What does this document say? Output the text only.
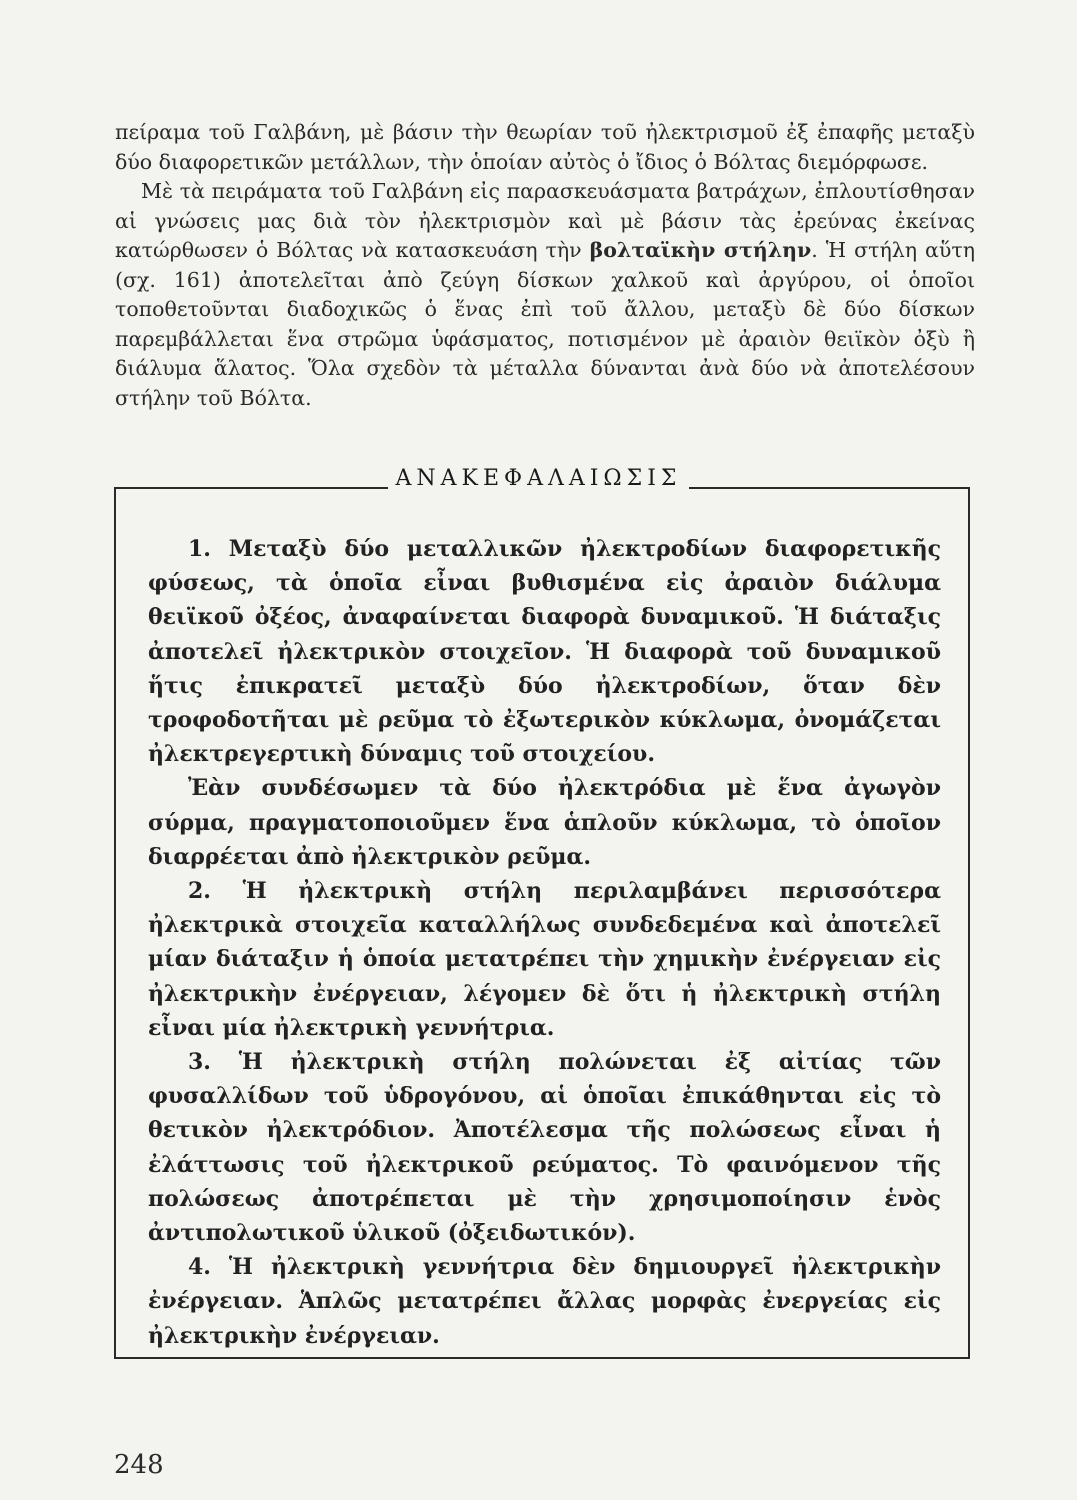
πείραμα τοῦ Γαλβάνη, μὲ βάσιν τὴν θεωρίαν τοῦ ἠλεκτρισμοῦ ἐξ ἐπαφῆς μεταξὺ δύο διαφορετικῶν μετάλλων, τὴν ὁποίαν αὐτὸς ὁ ἴδιος ὁ Βόλτας διεμόρφωσε.

Μὲ τὰ πειράματα τοῦ Γαλβάνη εἰς παρασκευάσματα βατράχων, ἐπλουτίσθησαν αἱ γνώσεις μας διὰ τὸν ἠλεκτρισμὸν καὶ μὲ βάσιν τὰς ἐρεύνας ἐκείνας κατώρθωσεν ὁ Βόλτας νὰ κατασκευάση τὴν βολταϊκὴν στήλην. Ἡ στήλη αὕτη (σχ. 161) ἀποτελεῖται ἀπὸ ζεύγη δίσκων χαλκοῦ καὶ ἀργύρου, οἱ ὁποῖοι τοποθετοῦνται διαδοχικῶς ὁ ἕνας ἐπὶ τοῦ ἄλλου, μεταξὺ δὲ δύο δίσκων παρεμβάλλεται ἕνα στρῶμα ὑφάσματος, ποτισμένον μὲ ἀραιὸν θειϊκὸν ὀξὺ ἢ διάλυμα ἅλατος. Ὅλα σχεδὸν τὰ μέταλλα δύνανται ἀνὰ δύο νὰ ἀποτελέσουν στήλην τοῦ Βόλτα.

ΑΝΑΚΕΦΑΛΑΙΩΣΙΣ

1. Μεταξὺ δύο μεταλλικῶν ἠλεκτροδίων διαφορετικῆς φύσεως, τὰ ὁποῖα εἶναι βυθισμένα εἰς ἀραιὸν διάλυμα θειϊκοῦ ὀξέος, ἀναφαίνεται διαφορὰ δυναμικοῦ. Ἡ διάταξις ἀποτελεῖ ἠλεκτρικὸν στοιχεῖον. Ἡ διαφορὰ τοῦ δυναμικοῦ ἥτις ἐπικρατεῖ μεταξὺ δύο ἠλεκτροδίων, ὅταν δὲν τροφοδοτῆται μὲ ρεῦμα τὸ ἐξωτερικὸν κύκλωμα, ὀνομάζεται ἠλεκτρεγερτικὴ δύναμις τοῦ στοιχείου.

Ἐὰν συνδέσωμεν τὰ δύο ἠλεκτρόδια μὲ ἕνα ἀγωγὸν σύρμα, πραγματοποιοῦμεν ἕνα ἁπλοῦν κύκλωμα, τὸ ὁποῖον διαρρέεται ἀπὸ ἠλεκτρικὸν ρεῦμα.

2. Ἡ ἠλεκτρικὴ στήλη περιλαμβάνει περισσότερα ἠλεκτρικὰ στοιχεῖα καταλλήλως συνδεδεμένα καὶ ἀποτελεῖ μίαν διάταξιν ἡ ὁποία μετατρέπει τὴν χημικὴν ἐνέργειαν εἰς ἠλεκτρικὴν ἐνέργειαν, λέγομεν δὲ ὅτι ἡ ἠλεκτρικὴ στήλη εἶναι μία ἠλεκτρικὴ γεννήτρια.

3. Ἡ ἠλεκτρικὴ στήλη πολώνεται ἐξ αἰτίας τῶν φυσαλλίδων τοῦ ὑδρογόνου, αἱ ὁποῖαι ἐπικάθηνται εἰς τὸ θετικὸν ἠλεκτρόδιον. Ἀποτέλεσμα τῆς πολώσεως εἶναι ἡ ἐλάττωσις τοῦ ἠλεκτρικοῦ ρεύματος. Τὸ φαινόμενον τῆς πολώσεως ἀποτρέπεται μὲ τὴν χρησιμοποίησιν ἑνὸς ἀντιπολωτικοῦ ὑλικοῦ (ὀξειδωτικόν).

4. Ἡ ἠλεκτρικὴ γεννήτρια δὲν δημιουργεῖ ἠλεκτρικὴν ἐνέργειαν. Ἁπλῶς μετατρέπει ἄλλας μορφὰς ἐνεργείας εἰς ἠλεκτρικὴν ἐνέργειαν.

248
